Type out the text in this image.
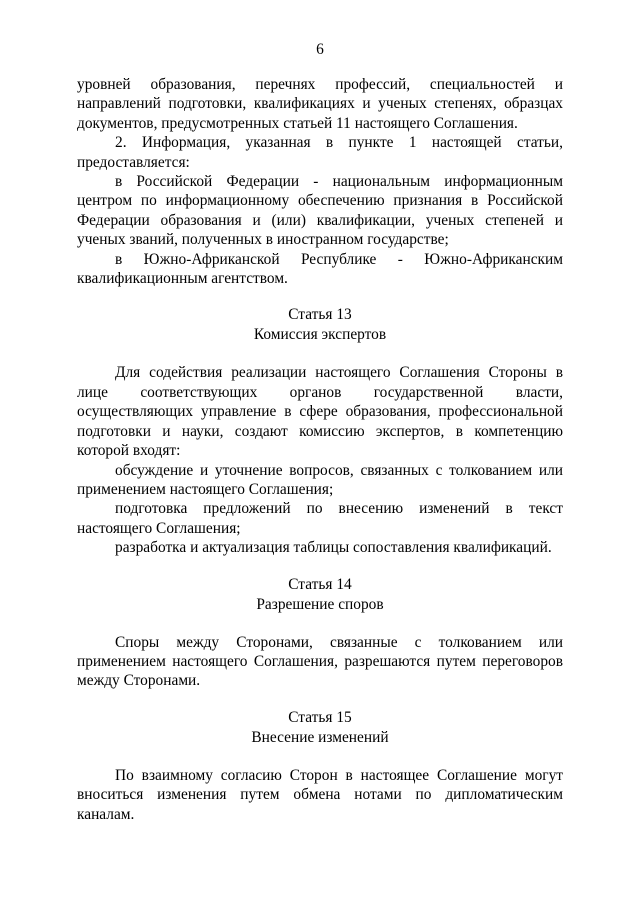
6

уровней образования, перечнях профессий, специальностей и направлений подготовки, квалификациях и ученых степенях, образцах документов, предусмотренных статьей 11 настоящего Соглашения.

2. Информация, указанная в пункте 1 настоящей статьи, предоставляется:

в Российской Федерации - национальным информационным центром по информационному обеспечению признания в Российской Федерации образования и (или) квалификации, ученых степеней и ученых званий, полученных в иностранном государстве;

в Южно-Африканской Республике - Южно-Африканским квалификационным агентством.

Статья 13

Комиссия экспертов

Для содействия реализации настоящего Соглашения Стороны в лице соответствующих органов государственной власти, осуществляющих управление в сфере образования, профессиональной подготовки и науки, создают комиссию экспертов, в компетенцию которой входят:

обсуждение и уточнение вопросов, связанных с толкованием или применением настоящего Соглашения;

подготовка предложений по внесению изменений в текст настоящего Соглашения;

разработка и актуализация таблицы сопоставления квалификаций.

Статья 14

Разрешение споров

Споры между Сторонами, связанные с толкованием или применением настоящего Соглашения, разрешаются путем переговоров между Сторонами.

Статья 15

Внесение изменений

По взаимному согласию Сторон в настоящее Соглашение могут вноситься изменения путем обмена нотами по дипломатическим каналам.
